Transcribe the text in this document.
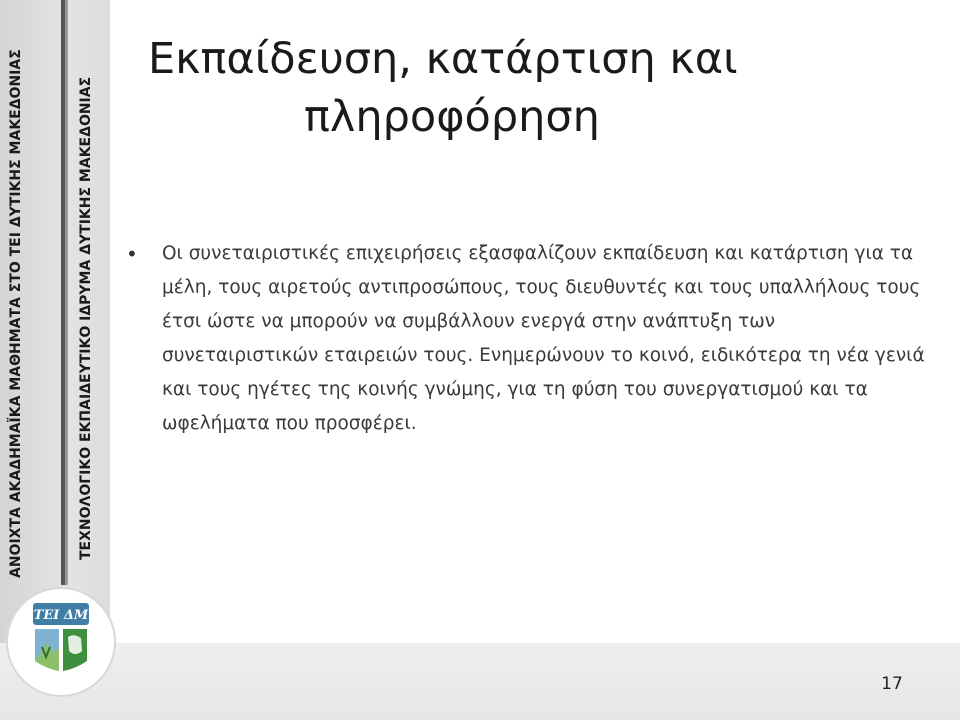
ΑΝΟΙΧΤΑ ΑΚΑΔΗΜΑΪΚΑ ΜΑΘΗΜΑΤΑ ΣΤΟ ΤΕΙ ΔΥΤΙΚΗΣ ΜΑΚΕΔΟΝΙΑΣ	ΤΕΧΝΟΛΟΓΙΚΟ ΕΚΠΑΙΔΕΥΤΙΚΟ ΙΔΡΥΜΑ ΔΥΤΙΚΗΣ ΜΑΚΕΔΟΝΙΑΣ
ΤΕΙ ΔΜ
Εκπαίδευση, κατάρτιση και
πληροφόρηση
• Οι συνεταιριστικές επιχειρήσεις εξασφαλίζουν εκπαίδευση και κατάρτιση για τα μέλη, τους αιρετούς αντιπροσώπους, τους διευθυντές και τους υπαλλήλους τους έτσι ώστε να μπορούν να συμβάλλουν ενεργά στην ανάπτυξη των συνεταιριστικών εταιρειών τους. Ενημερώνουν το κοινό, ειδικότερα τη νέα γενιά και τους ηγέτες της κοινής γνώμης, για τη φύση του συνεργατισμού και τα ωφελήματα που προσφέρει.
17
